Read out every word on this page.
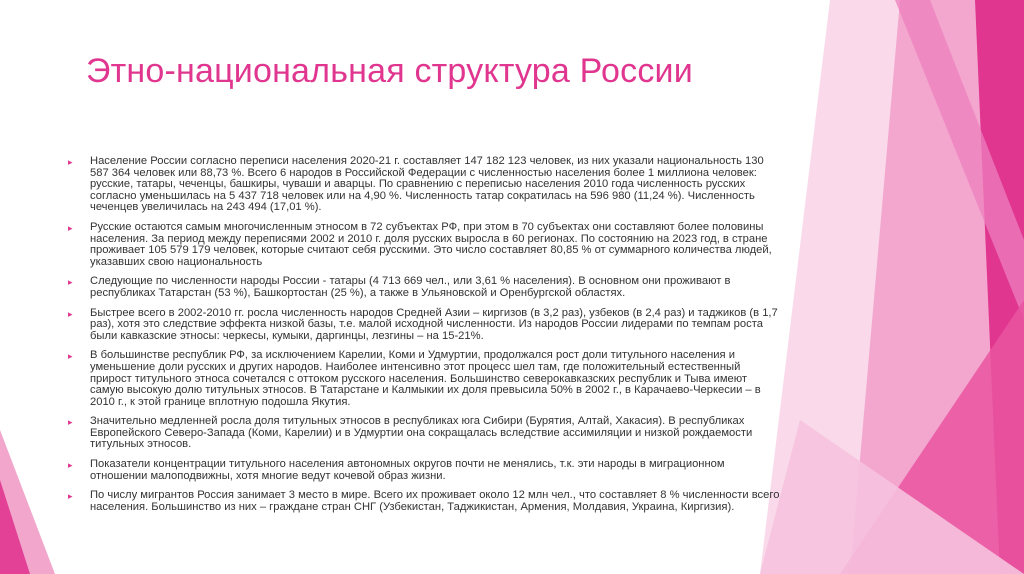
Этно-национальная структура России
▸	Население России согласно переписи населения 2020-21 г. составляет 147 182 123 человек, из них указали национальность 130 587 364 человек или 88,73 %. Всего 6 народов в Российской Федерации с численностью населения более 1 миллиона человек: русские, татары, чеченцы, башкиры, чуваши и аварцы. По сравнению с переписью населения 2010 года численность русских согласно уменьшилась на 5 437 718 человек или на 4,90 %. Численность татар сократилась на 596 980 (11,24 %). Численность чеченцев увеличилась на 243 494 (17,01 %).
▸	Русские остаются самым многочисленным этносом в 72 субъектах РФ, при этом в 70 субъектах они составляют более половины населения. За период между переписями 2002 и 2010 г. доля русских выросла в 60 регионах. По состоянию на 2023 год, в стране проживает 105 579 179 человек, которые считают себя русскими. Это число составляет 80,85 % от суммарного количества людей, указавших свою национальность
▸	Следующие по численности народы России - татары (4 713 669 чел., или 3,61 % населения). В основном они проживают в республиках Татарстан (53 %), Башкортостан (25 %), а также в Ульяновской и Оренбургской областях.
▸	Быстрее всего в 2002-2010 гг. росла численность народов Средней Азии – киргизов (в 3,2 раз), узбеков (в 2,4 раз) и таджиков (в 1,7 раз), хотя это следствие эффекта низкой базы, т.е. малой исходной численности. Из народов России лидерами по темпам роста были кавказские этносы: черкесы, кумыки, даргинцы, лезгины – на 15-21%.
▸	В большинстве республик РФ, за исключением Карелии, Коми и Удмуртии, продолжался рост доли титульного населения и уменьшение доли русских и других народов. Наиболее интенсивно этот процесс шел там, где положительный естественный прирост титульного этноса сочетался с оттоком русского населения. Большинство северокавказских республик и Тыва имеют самую высокую долю титульных этносов. В Татарстане и Калмыкии их доля превысила 50% в 2002 г., в Карачаево-Черкесии – в 2010 г., к этой границе вплотную подошла Якутия.
▸	Значительно медленней росла доля титульных этносов в республиках юга Сибири (Бурятия, Алтай, Хакасия). В республиках Европейского Северо-Запада (Коми, Карелии) и в Удмуртии она сокращалась вследствие ассимиляции и низкой рождаемости титульных этносов.
▸	Показатели концентрации титульного населения автономных округов почти не менялись, т.к. эти народы в миграционном отношении малоподвижны, хотя многие ведут кочевой образ жизни.
▸	По числу мигрантов Россия занимает 3 место в мире. Всего их проживает около 12 млн чел., что составляет 8 % численности всего населения. Большинство из них – граждане стран СНГ (Узбекистан, Таджикистан, Армения, Молдавия, Украина, Киргизия).
